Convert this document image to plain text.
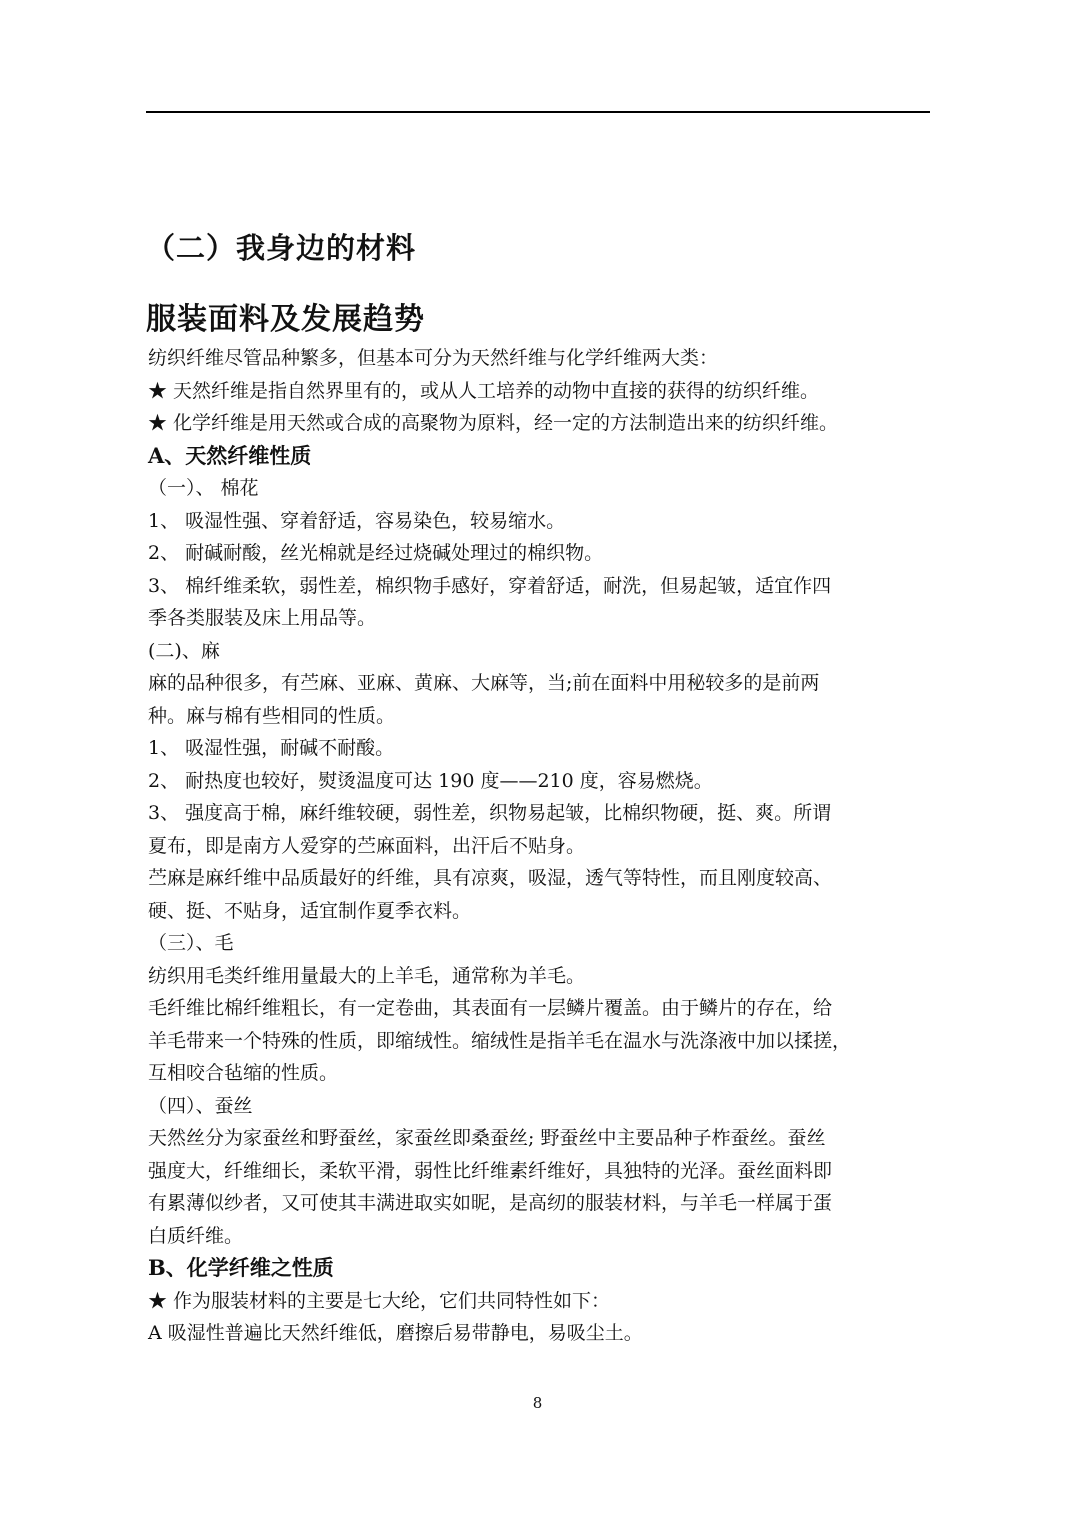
（二）我身边的材料
服装面料及发展趋势
纺织纤维尽管品种繁多，但基本可分为天然纤维与化学纤维两大类：
★ 天然纤维是指自然界里有的，或从人工培养的动物中直接的获得的纺织纤维。
★ 化学纤维是用天然或合成的高聚物为原料，经一定的方法制造出来的纺织纤维。
A、天然纤维性质
（一）、 棉花
1、 吸湿性强、穿着舒适，容易染色，较易缩水。
2、 耐碱耐酸，丝光棉就是经过烧碱处理过的棉织物。
3、 棉纤维柔软，弱性差，棉织物手感好，穿着舒适，耐洗，但易起皱，适宜作四
季各类服装及床上用品等。
(二)、麻
麻的品种很多，有苎麻、亚麻、黄麻、大麻等，当;前在面料中用秘较多的是前两
种。麻与棉有些相同的性质。
1、 吸湿性强，耐碱不耐酸。
2、 耐热度也较好，熨烫温度可达 190 度——210 度，容易燃烧。
3、 强度高于棉，麻纤维较硬，弱性差，织物易起皱，比棉织物硬，挺、爽。所谓
夏布，即是南方人爱穿的苎麻面料，出汗后不贴身。
苎麻是麻纤维中品质最好的纤维，具有凉爽，吸湿，透气等特性，而且刚度较高、
硬、挺、不贴身，适宜制作夏季衣料。
（三）、毛
纺织用毛类纤维用量最大的上羊毛，通常称为羊毛。
毛纤维比棉纤维粗长，有一定卷曲，其表面有一层鳞片覆盖。由于鳞片的存在，给
羊毛带来一个特殊的性质，即缩绒性。缩绒性是指羊毛在温水与洗涤液中加以揉搓，
互相咬合毡缩的性质。
（四）、蚕丝
天然丝分为家蚕丝和野蚕丝，家蚕丝即桑蚕丝; 野蚕丝中主要品种子柞蚕丝。蚕丝
强度大，纤维细长，柔软平滑，弱性比纤维素纤维好，具独特的光泽。蚕丝面料即
有累薄似纱者，又可使其丰满进取实如昵，是高纫的服装材料，与羊毛一样属于蛋
白质纤维。
B、化学纤维之性质
★ 作为服装材料的主要是七大纶，它们共同特性如下：
A 吸湿性普遍比天然纤维低，磨擦后易带静电，易吸尘土。
8
